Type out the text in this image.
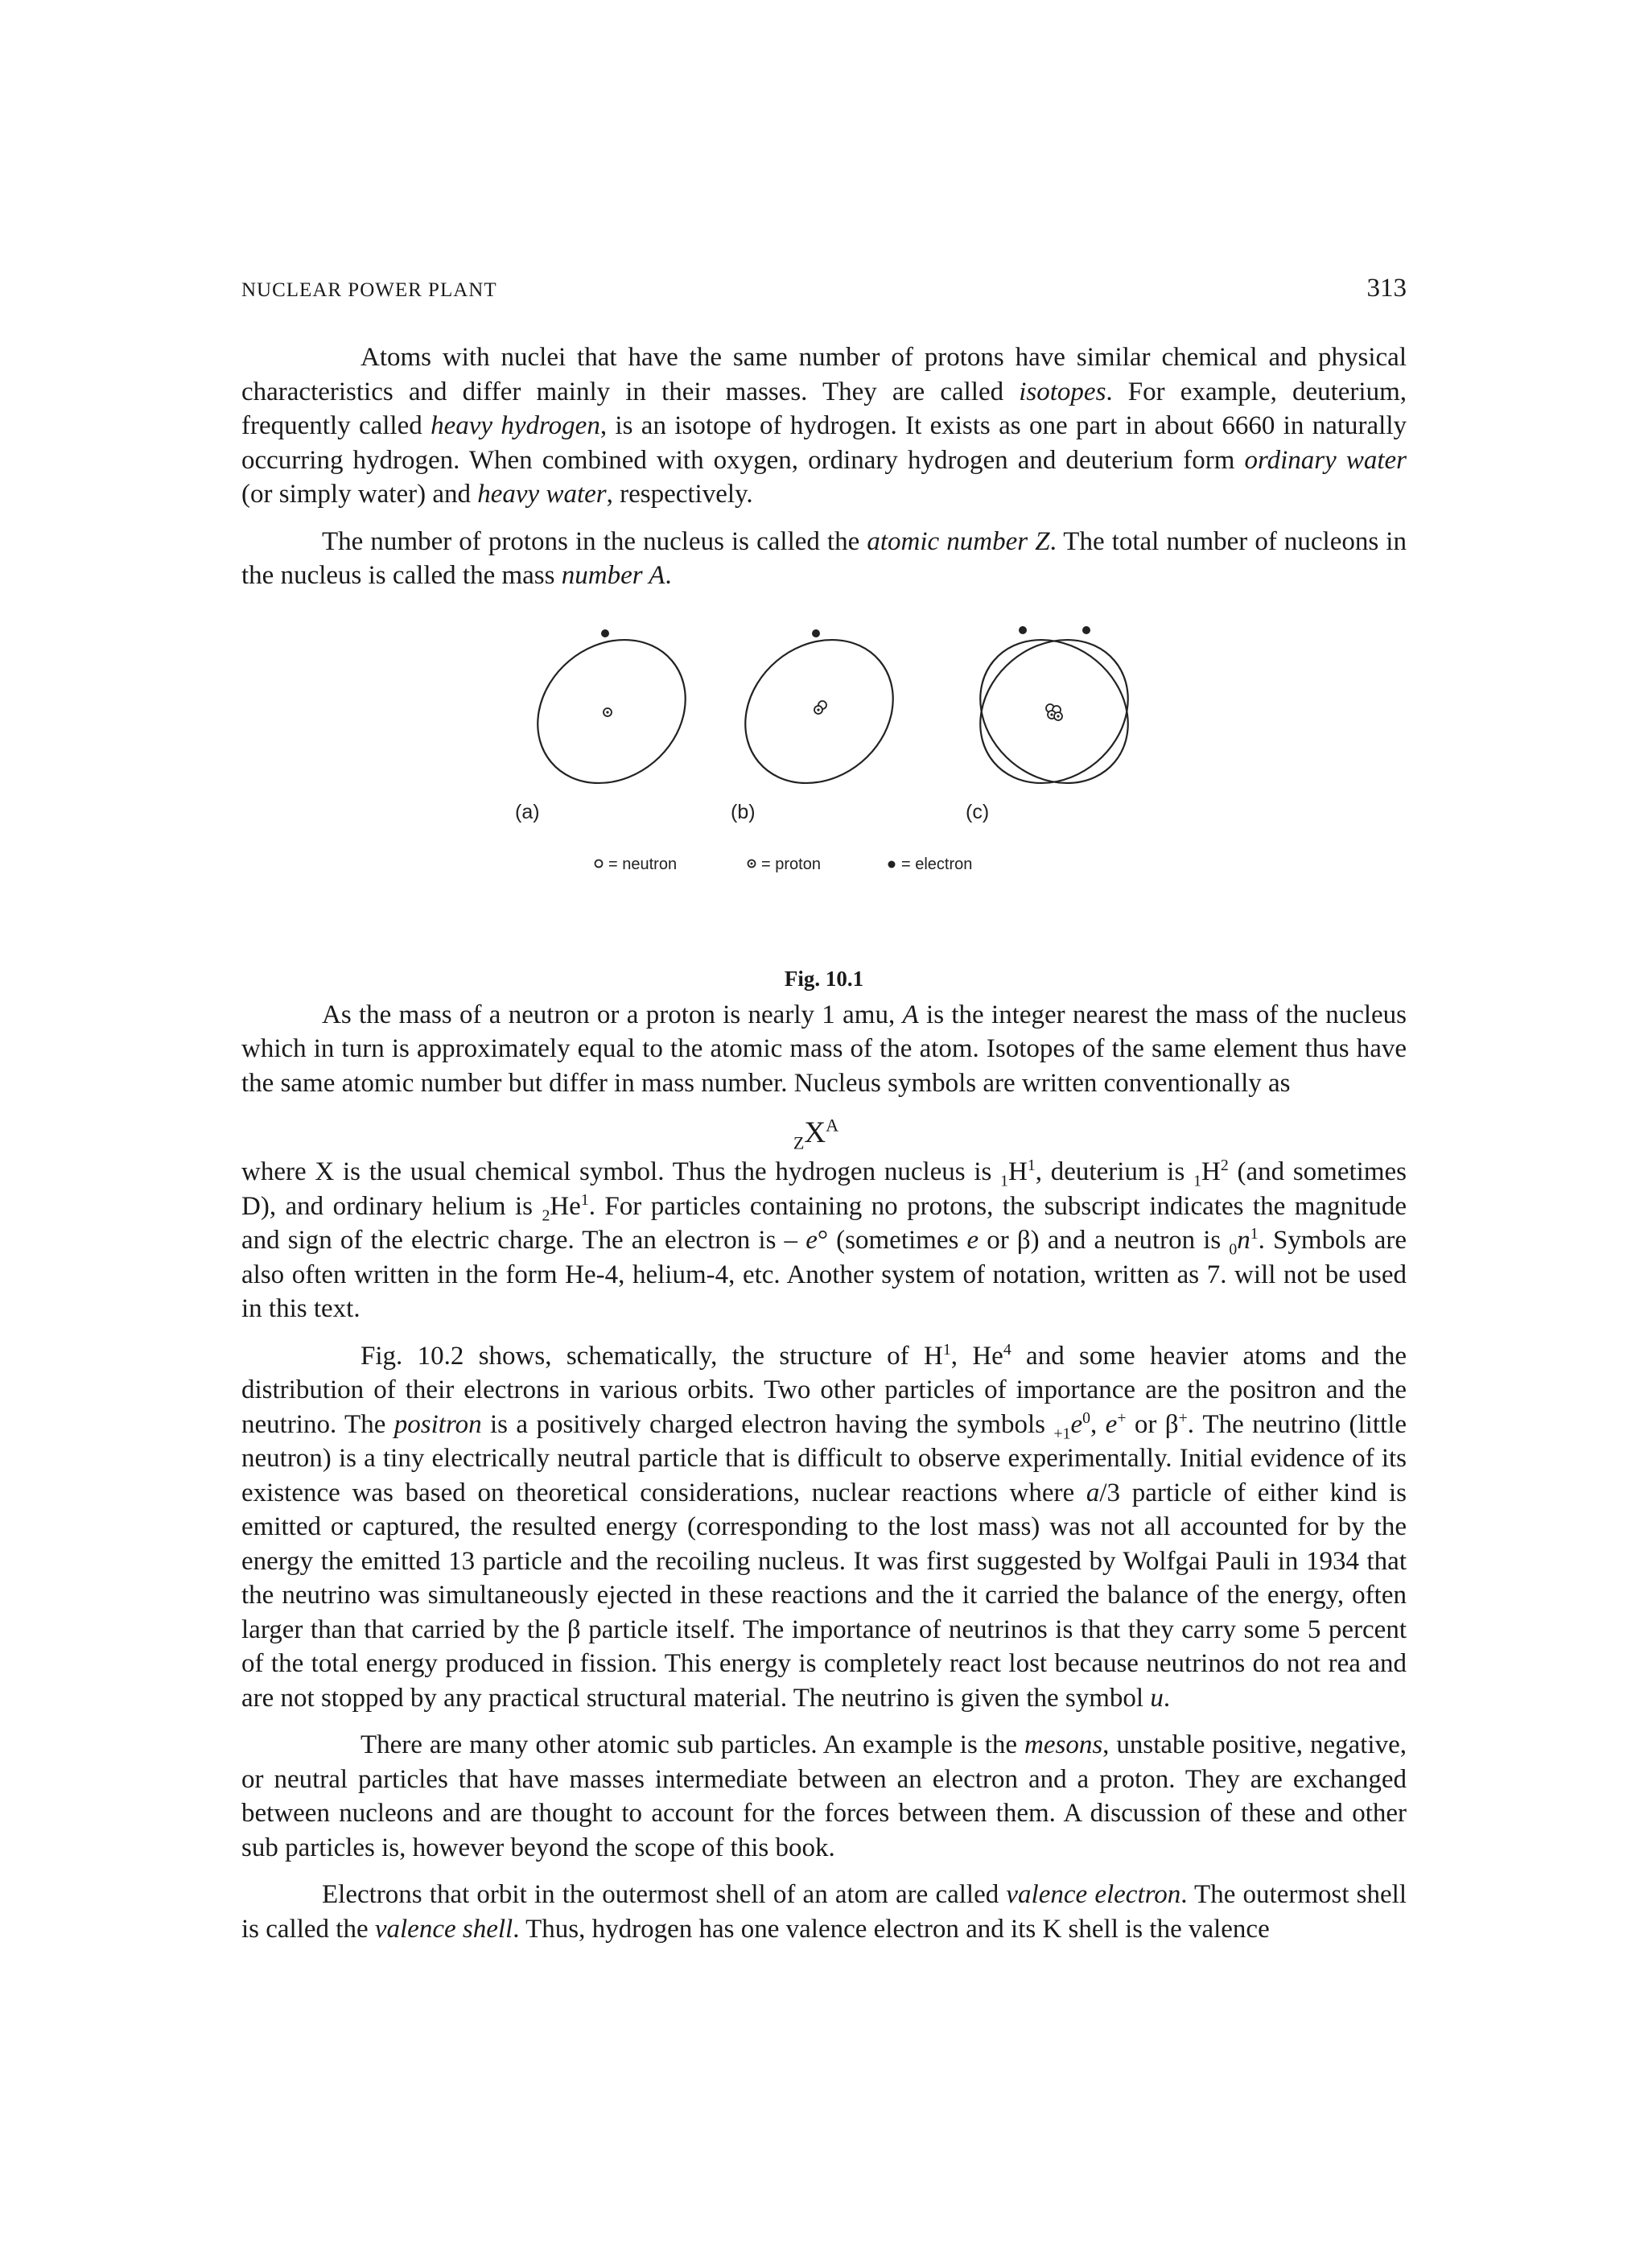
NUCLEAR POWER PLANT	313

Atoms with nuclei that have the same number of protons have similar chemical and physical characteristics and differ mainly in their masses. They are called isotopes. For example, deuterium, frequently called heavy hydrogen, is an isotope of hydrogen. It exists as one part in about 6660 in naturally occurring hydrogen. When combined with oxygen, ordinary hydrogen and deuterium form ordinary water (or simply water) and heavy water, respectively.

The number of protons in the nucleus is called the atomic number Z. The total number of nucleons in the nucleus is called the mass number A.

(a)	(b)	(c)
= neutron	= proton	= electron
Fig. 10.1

As the mass of a neutron or a proton is nearly 1 amu, A is the integer nearest the mass of the nucleus which in turn is approximately equal to the atomic mass of the atom. Isotopes of the same element thus have the same atomic number but differ in mass number. Nucleus symbols are written conventionally as

$_ZX^A$

where X is the usual chemical symbol. Thus the hydrogen nucleus is $_1H^1$, deuterium is $_1H^2$ (and sometimes D), and ordinary helium is $_2He^1$. For particles containing no protons, the subscript indicates the magnitude and sign of the electric charge. The an electron is – e° (sometimes e or β) and a neutron is $_0n^1$. Symbols are also often written in the form He-4, helium-4, etc. Another system of notation, written as 7. will not be used in this text.

Fig. 10.2 shows, schematically, the structure of $H^1$, He$^4$ and some heavier atoms and the distribution of their electrons in various orbits. Two other particles of importance are the positron and the neutrino. The positron is a positively charged electron having the symbols $_{+1}e^0$, e+ or β+. The neutrino (little neutron) is a tiny electrically neutral particle that is difficult to observe experimentally. Initial evidence of its existence was based on theoretical considerations, nuclear reactions where a/3 particle of either kind is emitted or captured, the resulted energy (corresponding to the lost mass) was not all accounted for by the energy the emitted 13 particle and the recoiling nucleus. It was first suggested by Wolfgai Pauli in 1934 that the neutrino was simultaneously ejected in these reactions and the it carried the balance of the energy, often larger than that carried by the β particle itself. The importance of neutrinos is that they carry some 5 percent of the total energy produced in fission. This energy is completely react lost because neutrinos do not rea and are not stopped by any practical structural material. The neutrino is given the symbol u.

There are many other atomic sub particles. An example is the mesons, unstable positive, negative, or neutral particles that have masses intermediate between an electron and a proton. They are exchanged between nucleons and are thought to account for the forces between them. A discussion of these and other sub particles is, however beyond the scope of this book.

Electrons that orbit in the outermost shell of an atom are called valence electron. The outermost shell is called the valence shell. Thus, hydrogen has one valence electron and its K shell is the valence
